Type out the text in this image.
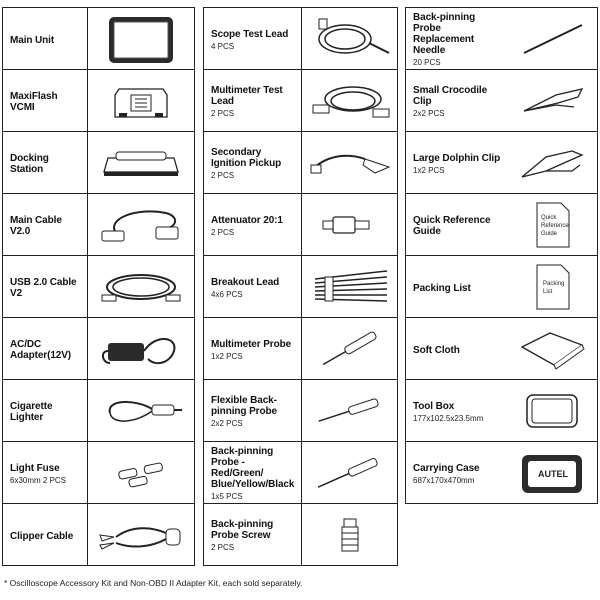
Main Unit
MaxiFlash VCMI
Docking Station
Main Cable V2.0
USB 2.0 Cable V2
AC/DC Adapter(12V)
Cigarette Lighter
Light Fuse
6x30mm 2 PCS
Clipper Cable
Scope Test Lead
4 PCS
Multimeter Test Lead
2 PCS
Secondary Ignition Pickup
2 PCS
Attenuator 20:1
2 PCS
Breakout Lead
4x6 PCS
Multimeter Probe
1x2 PCS
Flexible Back-pinning Probe
2x2 PCS
Back-pinning Probe - Red/Green/ Blue/Yellow/Black
1x5 PCS
Back-pinning Probe Screw
2 PCS
Back-pinning Probe Replacement Needle
20 PCS
Small Crocodile Clip
2x2 PCS
Large Dolphin Clip
1x2 PCS
Quick Reference Guide
Quick
Reference
Guide
Packing List	Packing
List
Soft Cloth
Tool Box
177x102.5x23.5mm
Carrying Case
687x170x470mm
AUTEL
* Oscilloscope Accessory Kit and Non-OBD II Adapter Kit, each sold separately.
